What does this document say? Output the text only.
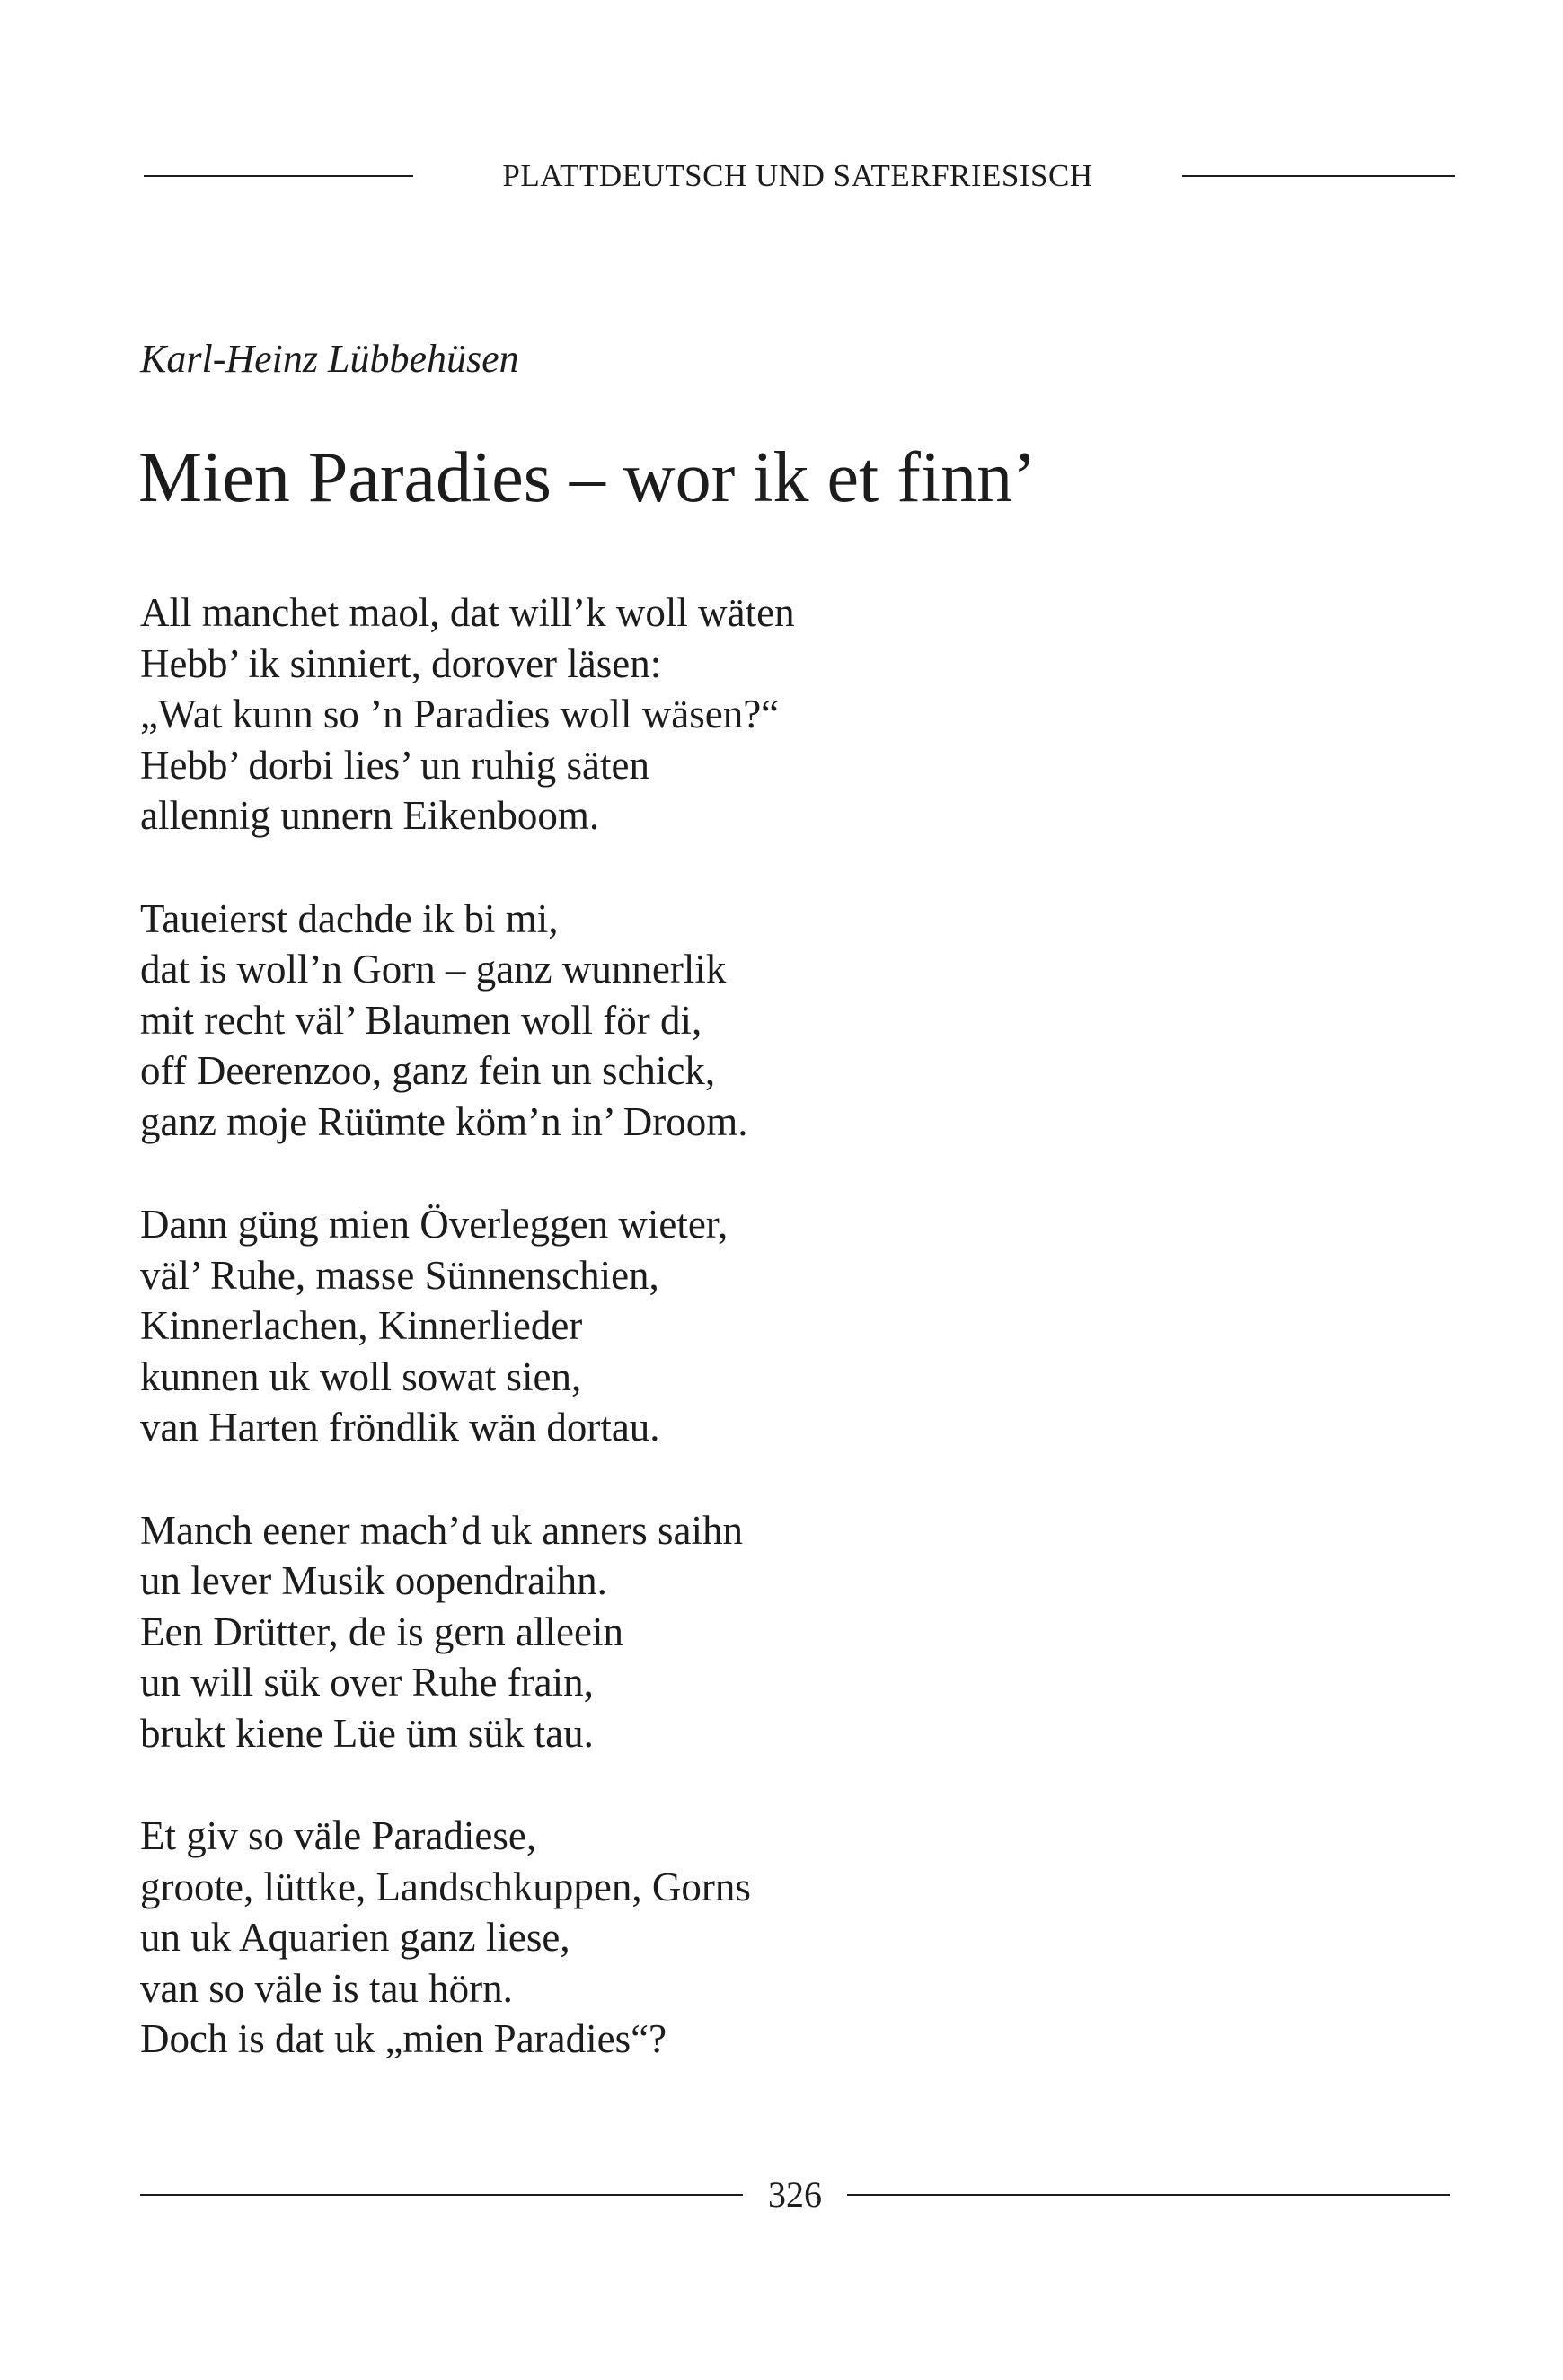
PLATTDEUTSCH UND SATERFRIESISCH
Karl-Heinz Lübbehüsen
Mien Paradies – wor ik et finn’
All manchet maol, dat will’k woll wäten
Hebb’ ik sinniert, dorover läsen:
„Wat kunn so ’n Paradies woll wäsen?“
Hebb’ dorbi lies’ un ruhig säten
allennig unnern Eikenboom.
Taueierst dachde ik bi mi,
dat is woll’n Gorn – ganz wunnerlik
mit recht väl’ Blaumen woll för di,
off Deerenzoo, ganz fein un schick,
ganz moje Rüümte köm’n in’ Droom.
Dann güng mien Överleggen wieter,
väl’ Ruhe, masse Sünnenschien,
Kinnerlachen, Kinnerlieder
kunnen uk woll sowat sien,
van Harten fröndlik wän dortau.
Manch eener mach’d uk anners saihn
un lever Musik oopendraihn.
Een Drütter, de is gern alleein
un will sük over Ruhe frain,
brukt kiene Lüe üm sük tau.
Et giv so väle Paradiese,
groote, lüttke, Landschkuppen, Gorns
un uk Aquarien ganz liese,
van so väle is tau hörn.
Doch is dat uk „mien Paradies“?
326
